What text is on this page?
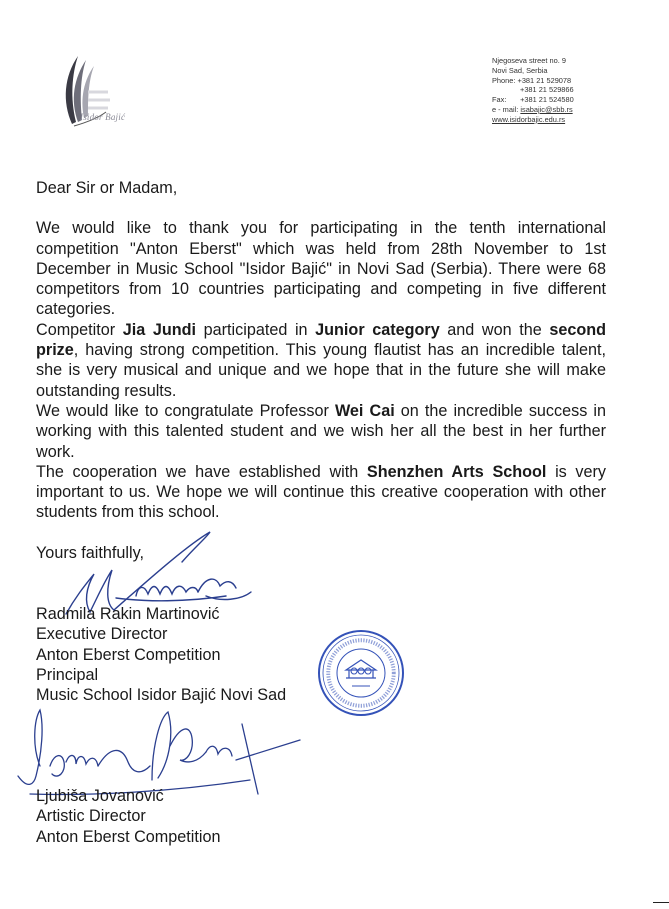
Isidor Bajić
Njegoseva street no. 9
Novi Sad, Serbia
Phone: +381 21 529078
+381 21 529866
Fax: +381 21 524580
e - mail: isabajic@sbb.rs
www.isidorbajic.edu.rs

Dear Sir or Madam,

We would like to thank you for participating in the tenth international competition "Anton Eberst" which was held from 28th November to 1st December in Music School "Isidor Bajić" in Novi Sad (Serbia). There were 68 competitors from 10 countries participating and competing in five different categories.

Competitor Jia Jundi participated in Junior category and won the second prize, having strong competition. This young flautist has an incredible talent, she is very musical and unique and we hope that in the future she will make outstanding results.

We would like to congratulate Professor Wei Cai on the incredible success in working with this talented student and we wish her all the best in her further work.

The cooperation we have established with Shenzhen Arts School is very important to us. We hope we will continue this creative cooperation with other students from this school.

Yours faithfully,
Radmila Rakin Martinović
Executive Director
Anton Eberst Competition
Principal
Music School Isidor Bajić Novi Sad
Ljubiša Jovanović
Artistic Director
Anton Eberst Competition
